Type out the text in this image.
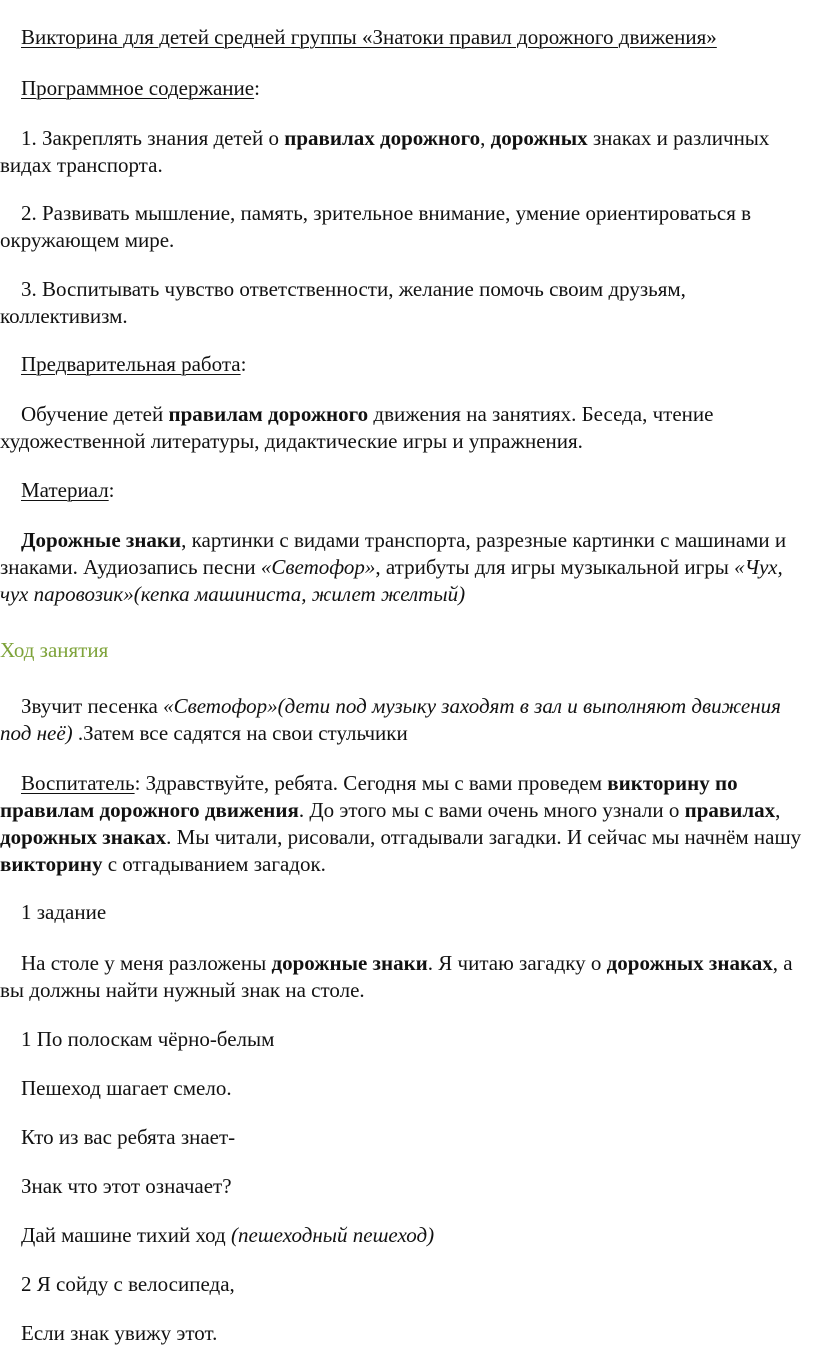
Викторина для детей средней группы «Знатоки правил дорожного движения»

Программное содержание:

1. Закреплять знания детей о правилах дорожного, дорожных знаках и различных видах транспорта.

2. Развивать мышление, память, зрительное внимание, умение ориентироваться в окружающем мире.

3. Воспитывать чувство ответственности, желание помочь своим друзьям, коллективизм.

Предварительная работа:

Обучение детей правилам дорожного движения на занятиях. Беседа, чтение художественной литературы, дидактические игры и упражнения.

Материал:

Дорожные знаки, картинки с видами транспорта, разрезные картинки с машинами и знаками. Аудиозапись песни «Светофор», атрибуты для игры музыкальной игры «Чух, чух паровозик»(кепка машиниста, жилет желтый)

Ход занятия

Звучит песенка «Светофор»(дети под музыку заходят в зал и выполняют движения под неё) .Затем все садятся на свои стульчики

Воспитатель: Здравствуйте, ребята. Сегодня мы с вами проведем викторину по правилам дорожного движения. До этого мы с вами очень много узнали о правилах, дорожных знаках. Мы читали, рисовали, отгадывали загадки. И сейчас мы начнём нашу викторину с отгадыванием загадок.

1 задание

На столе у меня разложены дорожные знаки. Я читаю загадку о дорожных знаках, а вы должны найти нужный знак на столе.

1 По полоскам чёрно-белым

Пешеход шагает смело.

Кто из вас ребята знает-

Знак что этот означает?

Дай машине тихий ход (пешеходный пешеход)

2 Я сойду с велосипеда,

Если знак увижу этот.
